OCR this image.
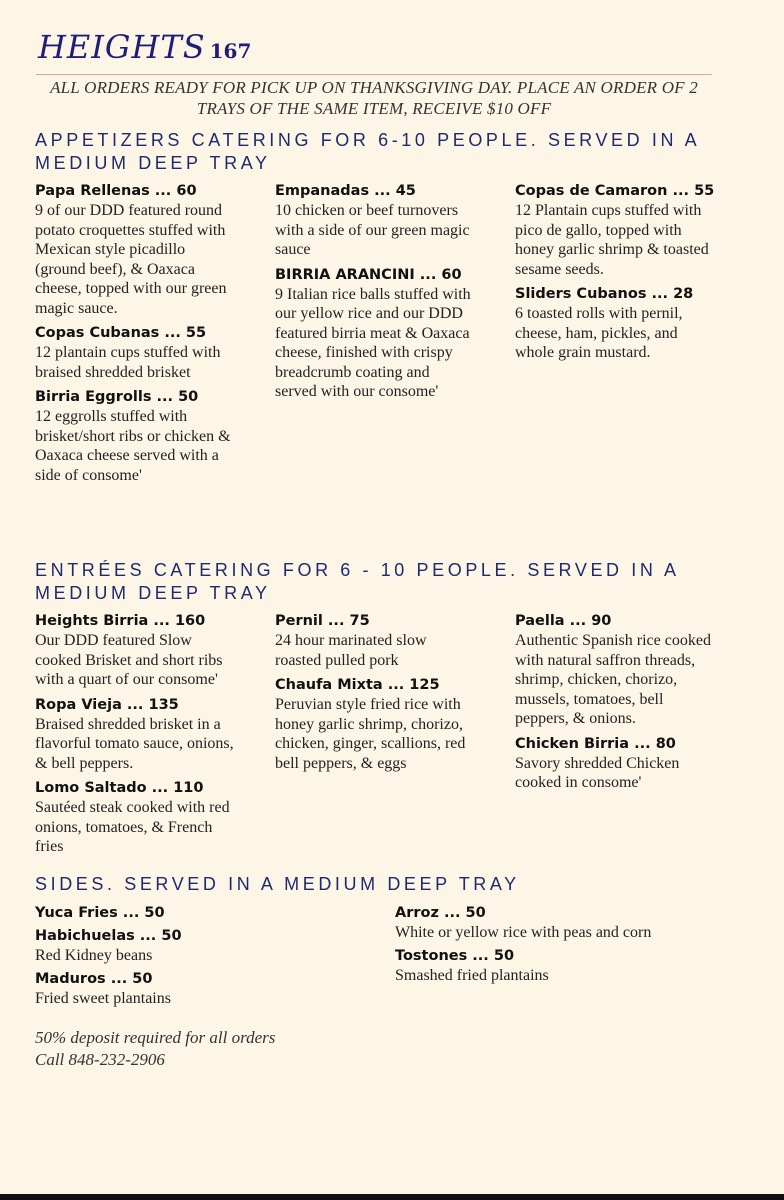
HEIGHTS 167
ALL ORDERS READY FOR PICK UP ON THANKSGIVING DAY. PLACE AN ORDER OF 2 TRAYS OF THE SAME ITEM, RECEIVE $10 OFF
APPETIZERS CATERING FOR 6-10 PEOPLE. SERVED IN A MEDIUM DEEP TRAY
Papa Rellenas ... 60
9 of our DDD featured round potato croquettes stuffed with Mexican style picadillo (ground beef), & Oaxaca cheese, topped with our green magic sauce.
Copas Cubanas ... 55
12 plantain cups stuffed with braised shredded brisket
Birria Eggrolls ... 50
12 eggrolls stuffed with brisket/short ribs or chicken & Oaxaca cheese served with a side of consome'
Empanadas ... 45
10 chicken or beef turnovers with a side of our green magic sauce
BIRRIA ARANCINI ... 60
9 Italian rice balls stuffed with our yellow rice and our DDD featured birria meat & Oaxaca cheese, finished with crispy breadcrumb coating and served with our consome'
Copas de Camaron ... 55
12 Plantain cups stuffed with pico de gallo, topped with honey garlic shrimp & toasted sesame seeds.
Sliders Cubanos ... 28
6 toasted rolls with pernil, cheese, ham, pickles, and whole grain mustard.
ENTRÉES CATERING FOR 6 - 10 PEOPLE. SERVED IN A MEDIUM DEEP TRAY
Heights Birria ... 160
Our DDD featured Slow cooked Brisket and short ribs with a quart of our consome'
Ropa Vieja ... 135
Braised shredded brisket in a flavorful tomato sauce, onions, & bell peppers.
Lomo Saltado ... 110
Sautéed steak cooked with red onions, tomatoes, & French fries
Pernil ... 75
24 hour marinated slow roasted pulled pork
Chaufa Mixta ... 125
Peruvian style fried rice with honey garlic shrimp, chorizo, chicken, ginger, scallions, red bell peppers, & eggs
Paella ... 90
Authentic Spanish rice cooked with natural saffron threads, shrimp, chicken, chorizo, mussels, tomatoes, bell peppers, & onions.
Chicken Birria ... 80
Savory shredded Chicken cooked in consome'
SIDES. SERVED IN A MEDIUM DEEP TRAY
Yuca Fries ... 50
Habichuelas ... 50
Red Kidney beans
Maduros ... 50
Fried sweet plantains
Arroz ... 50
White or yellow rice with peas and corn
Tostones ... 50
Smashed fried plantains
50% deposit required for all orders
Call 848-232-2906
